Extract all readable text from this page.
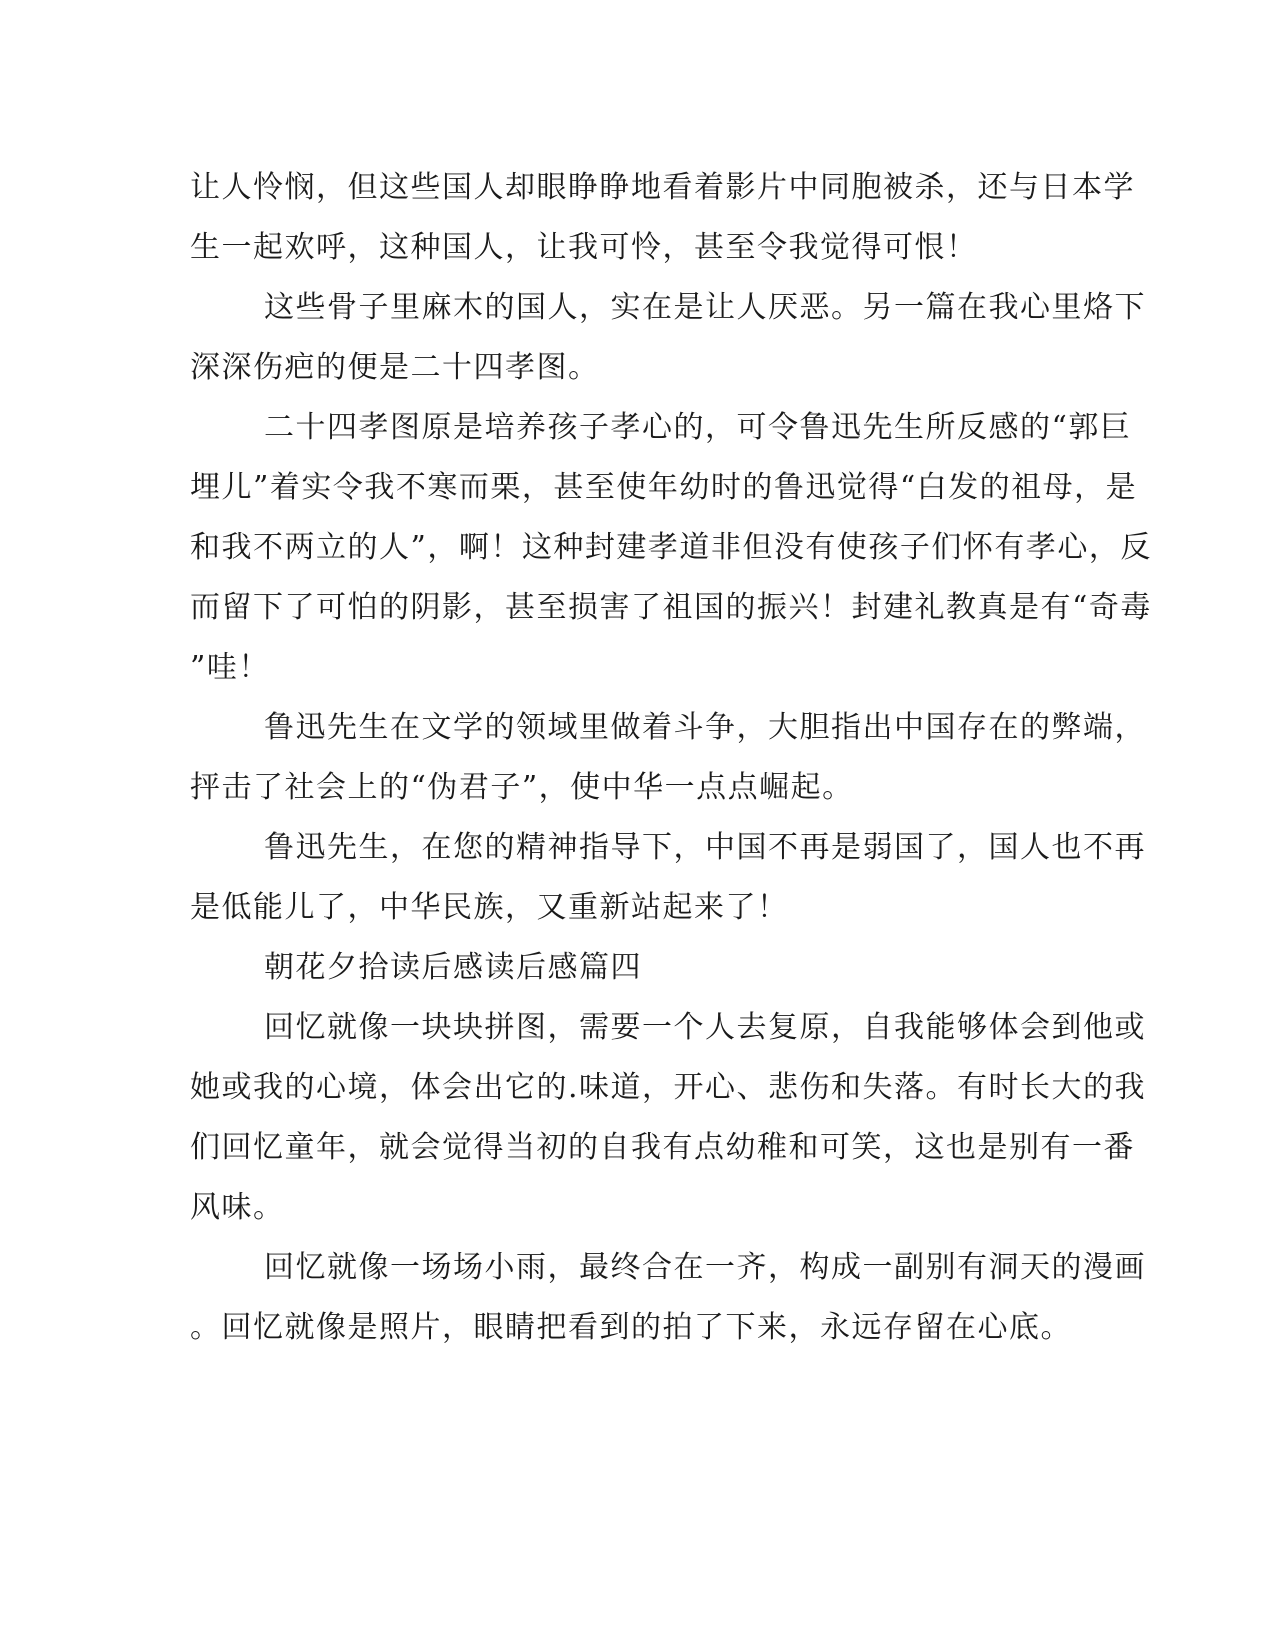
让人怜悯，但这些国人却眼睁睁地看着影片中同胞被杀，还与日本学
生一起欢呼，这种国人，让我可怜，甚至令我觉得可恨！
这些骨子里麻木的国人，实在是让人厌恶。另一篇在我心里烙下
深深伤疤的便是二十四孝图。
二十四孝图原是培养孩子孝心的，可令鲁迅先生所反感的“郭巨
埋儿”着实令我不寒而栗，甚至使年幼时的鲁迅觉得“白发的祖母，是
和我不两立的人”，啊！这种封建孝道非但没有使孩子们怀有孝心，反
而留下了可怕的阴影，甚至损害了祖国的振兴！封建礼教真是有“奇毒
”哇！
鲁迅先生在文学的领域里做着斗争，大胆指出中国存在的弊端，
抨击了社会上的“伪君子”，使中华一点点崛起。
鲁迅先生，在您的精神指导下，中国不再是弱国了，国人也不再
是低能儿了，中华民族，又重新站起来了！
朝花夕拾读后感读后感篇四
回忆就像一块块拼图，需要一个人去复原，自我能够体会到他或
她或我的心境，体会出它的.味道，开心、悲伤和失落。有时长大的我
们回忆童年，就会觉得当初的自我有点幼稚和可笑，这也是别有一番
风味。
回忆就像一场场小雨，最终合在一齐，构成一副别有洞天的漫画
。回忆就像是照片，眼睛把看到的拍了下来，永远存留在心底。
